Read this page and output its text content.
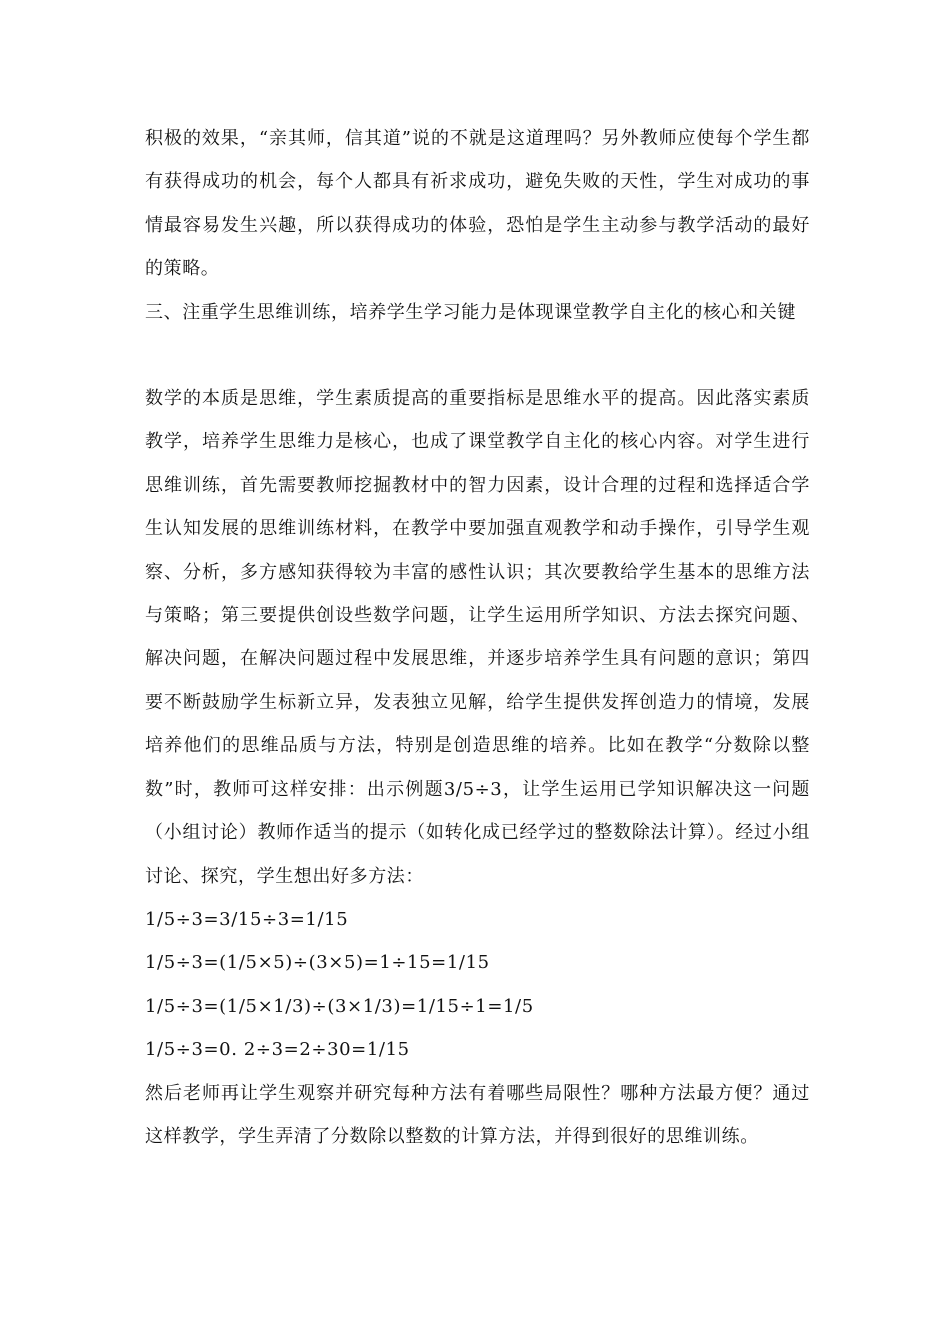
积极的效果，“亲其师，信其道”说的不就是这道理吗？另外教师应使每个学生都有获得成功的机会，每个人都具有祈求成功，避免失败的天性，学生对成功的事情最容易发生兴趣，所以获得成功的体验，恐怕是学生主动参与教学活动的最好的策略。

三、注重学生思维训练，培养学生学习能力是体现课堂教学自主化的核心和关键

数学的本质是思维，学生素质提高的重要指标是思维水平的提高。因此落实素质教学，培养学生思维力是核心，也成了课堂教学自主化的核心内容。对学生进行思维训练，首先需要教师挖掘教材中的智力因素，设计合理的过程和选择适合学生认知发展的思维训练材料，在教学中要加强直观教学和动手操作，引导学生观察、分析，多方感知获得较为丰富的感性认识；其次要教给学生基本的思维方法与策略；第三要提供创设些数学问题，让学生运用所学知识、方法去探究问题、解决问题，在解决问题过程中发展思维，并逐步培养学生具有问题的意识；第四要不断鼓励学生标新立异，发表独立见解，给学生提供发挥创造力的情境，发展培养他们的思维品质与方法，特别是创造思维的培养。比如在教学“分数除以整数”时，教师可这样安排：出示例题3/5÷3，让学生运用已学知识解决这一问题（小组讨论）教师作适当的提示（如转化成已经学过的整数除法计算）。经过小组讨论、探究，学生想出好多方法：

1/5÷3=3/15÷3=1/15

1/5÷3=(1/5×5)÷(3×5)=1÷15=1/15

1/5÷3=(1/5×1/3)÷(3×1/3)=1/15÷1=1/5

1/5÷3=0. 2÷3=2÷30=1/15

然后老师再让学生观察并研究每种方法有着哪些局限性？哪种方法最方便？通过这样教学，学生弄清了分数除以整数的计算方法，并得到很好的思维训练。
